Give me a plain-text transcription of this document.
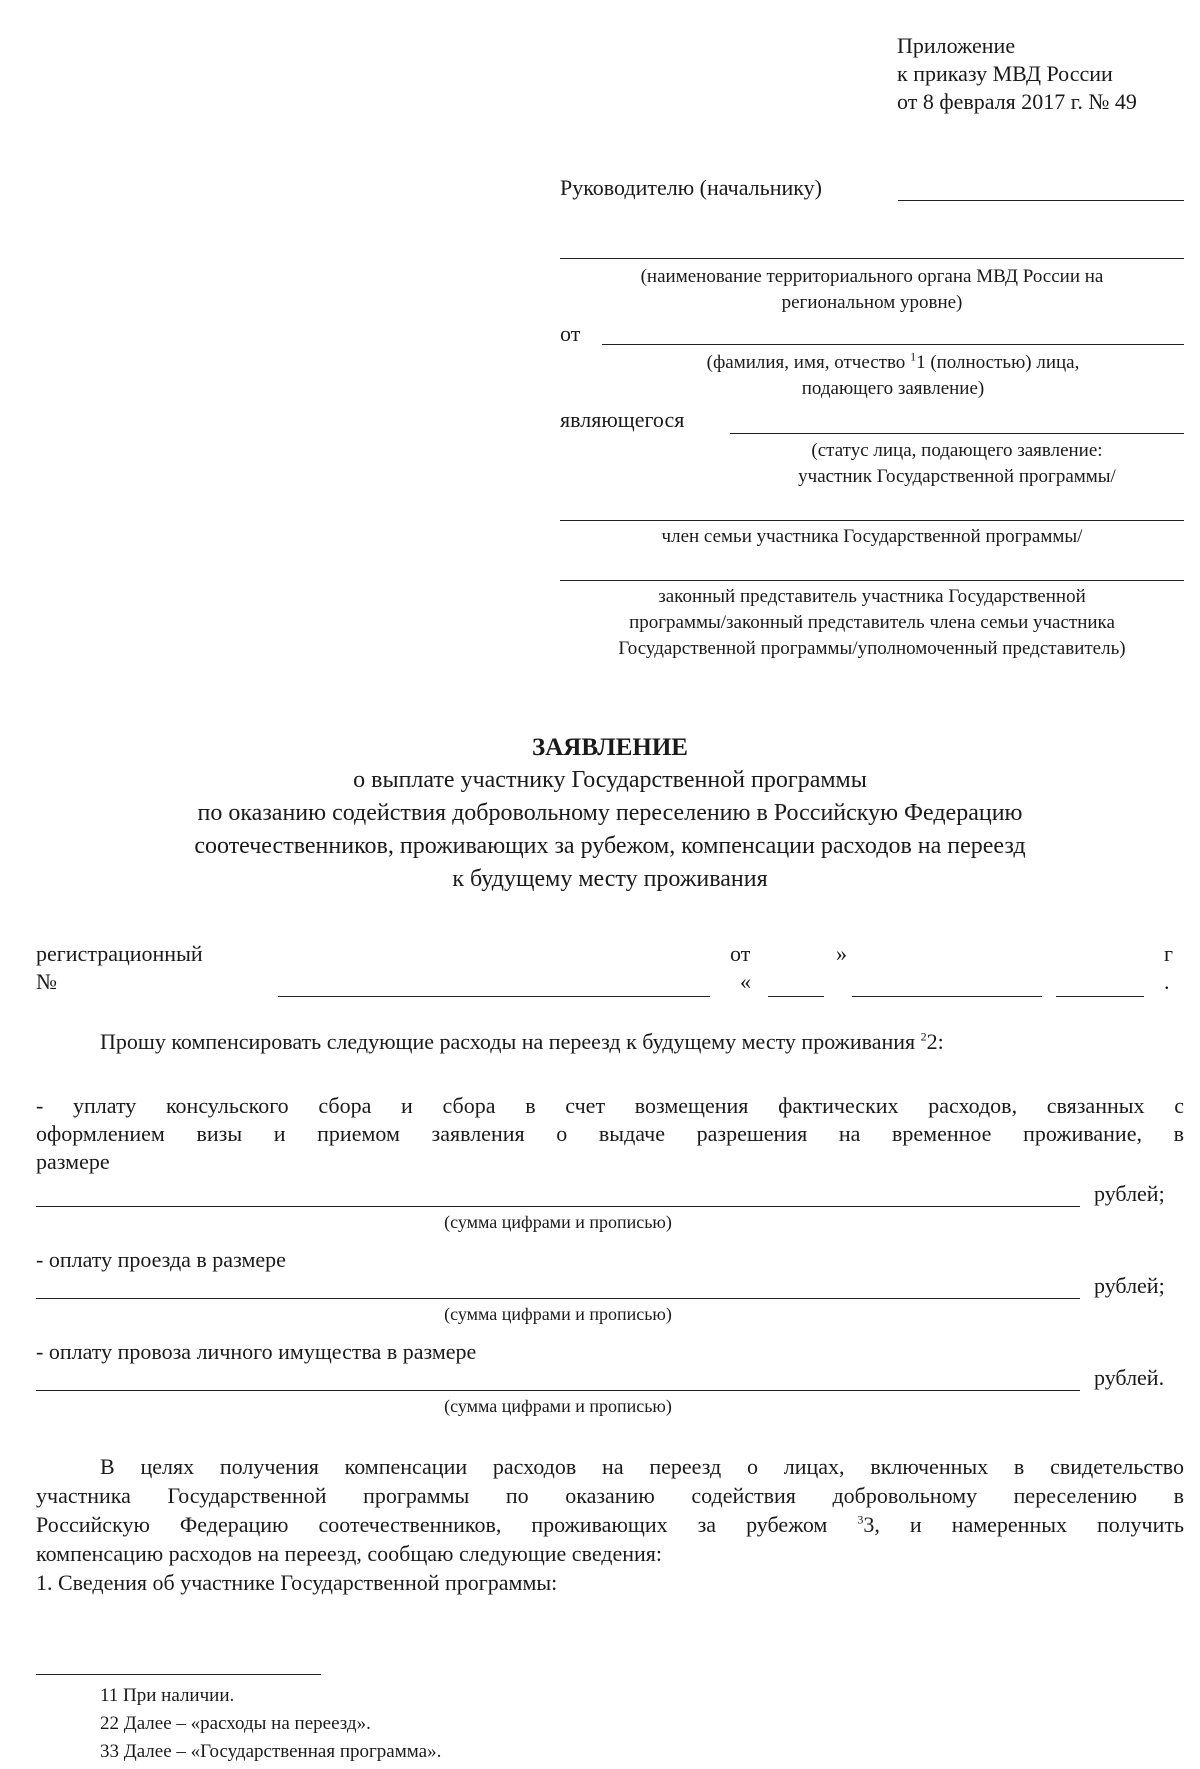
Приложение
к приказу МВД России
от 8 февраля 2017 г. № 49
Руководителю (начальнику)
(наименование территориального органа МВД России на
региональном уровне)
от
(фамилия, имя, отчество $^1$1 (полностью) лица,
подающего заявление)
являющегося
(статус лица, подающего заявление:
участник Государственной программы/
член семьи участника Государственной программы/
законный представитель участника Государственной
программы/законный представитель члена семьи участника
Государственной программы/уполномоченный представитель)
ЗАЯВЛЕНИЕ
о выплате участнику Государственной программы
по оказанию содействия добровольному переселению в Российскую Федерацию
соотечественников, проживающих за рубежом, компенсации расходов на переезд
к будущему месту проживания
регистрационный
№
от
«
»	г
.
Прошу компенсировать следующие расходы на переезд к будущему месту проживания $^2$2:
- уплату консульского сбора и сбора в счет возмещения фактических расходов, связанных с
оформлением визы и приемом заявления о выдаче разрешения на временное проживание, в
размере
рублей;
(сумма цифрами и прописью)
- оплату проезда в размере
рублей;
(сумма цифрами и прописью)
- оплату провоза личного имущества в размере
рублей.
(сумма цифрами и прописью)
В целях получения компенсации расходов на переезд о лицах, включенных в свидетельство
участника Государственной программы по оказанию содействия добровольному переселению в
Российскую Федерацию соотечественников, проживающих за рубежом $^3$3, и намеренных получить
компенсацию расходов на переезд, сообщаю следующие сведения:
1. Сведения об участнике Государственной программы:
11 При наличии.
22 Далее – «расходы на переезд».
33 Далее – «Государственная программа».
